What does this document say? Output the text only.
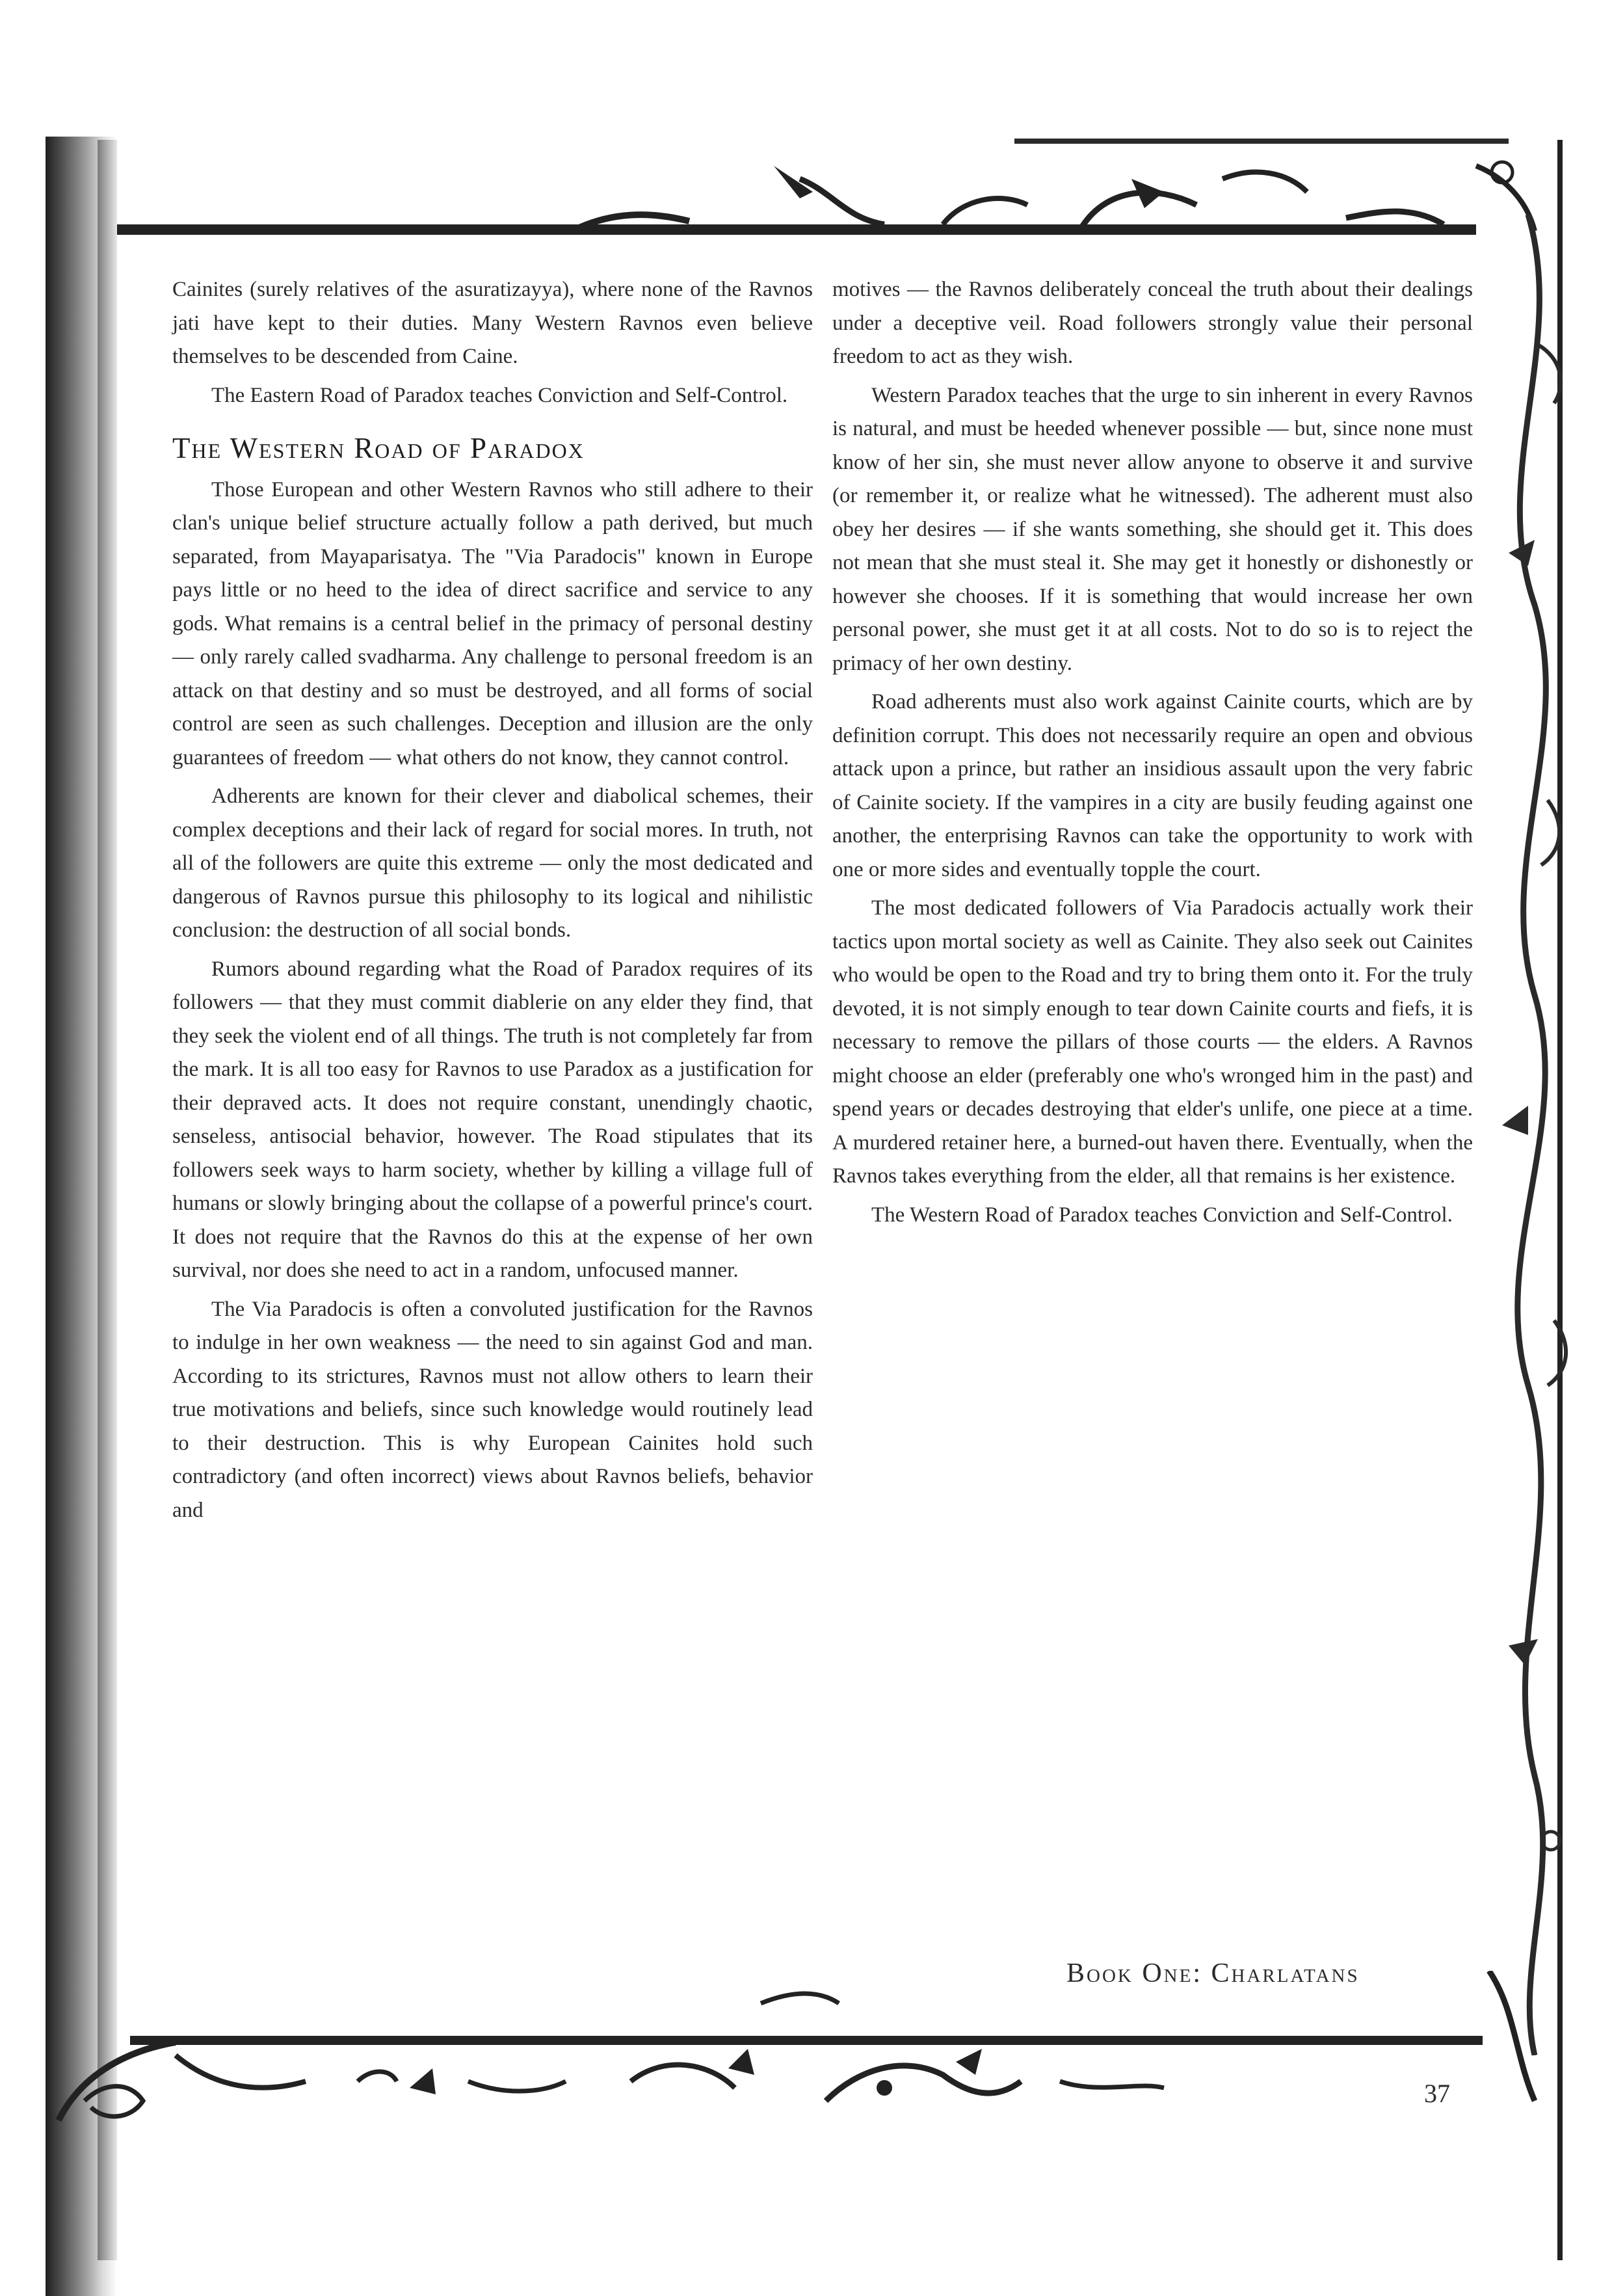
Cainites (surely relatives of the asuratizayya), where none of the Ravnos jati have kept to their duties. Many Western Ravnos even believe themselves to be descended from Caine.

The Eastern Road of Paradox teaches Conviction and Self-Control.

The Western Road of Paradox

Those European and other Western Ravnos who still adhere to their clan's unique belief structure actually follow a path derived, but much separated, from Mayaparisatya. The "Via Paradocis" known in Europe pays little or no heed to the idea of direct sacrifice and service to any gods. What remains is a central belief in the primacy of personal destiny — only rarely called svadharma. Any challenge to personal freedom is an attack on that destiny and so must be destroyed, and all forms of social control are seen as such challenges. Deception and illusion are the only guarantees of freedom — what others do not know, they cannot control.

Adherents are known for their clever and diabolical schemes, their complex deceptions and their lack of regard for social mores. In truth, not all of the followers are quite this extreme — only the most dedicated and dangerous of Ravnos pursue this philosophy to its logical and nihilistic conclusion: the destruction of all social bonds.

Rumors abound regarding what the Road of Paradox requires of its followers — that they must commit diablerie on any elder they find, that they seek the violent end of all things. The truth is not completely far from the mark. It is all too easy for Ravnos to use Paradox as a justification for their depraved acts. It does not require constant, unendingly chaotic, senseless, antisocial behavior, however. The Road stipulates that its followers seek ways to harm society, whether by killing a village full of humans or slowly bringing about the collapse of a powerful prince's court. It does not require that the Ravnos do this at the expense of her own survival, nor does she need to act in a random, unfocused manner.

The Via Paradocis is often a convoluted justification for the Ravnos to indulge in her own weakness — the need to sin against God and man. According to its strictures, Ravnos must not allow others to learn their true motivations and beliefs, since such knowledge would routinely lead to their destruction. This is why European Cainites hold such contradictory (and often incorrect) views about Ravnos beliefs, behavior and

motives — the Ravnos deliberately conceal the truth about their dealings under a deceptive veil. Road followers strongly value their personal freedom to act as they wish.

Western Paradox teaches that the urge to sin inherent in every Ravnos is natural, and must be heeded whenever possible — but, since none must know of her sin, she must never allow anyone to observe it and survive (or remember it, or realize what he witnessed). The adherent must also obey her desires — if she wants something, she should get it. This does not mean that she must steal it. She may get it honestly or dishonestly or however she chooses. If it is something that would increase her own personal power, she must get it at all costs. Not to do so is to reject the primacy of her own destiny.

Road adherents must also work against Cainite courts, which are by definition corrupt. This does not necessarily require an open and obvious attack upon a prince, but rather an insidious assault upon the very fabric of Cainite society. If the vampires in a city are busily feuding against one another, the enterprising Ravnos can take the opportunity to work with one or more sides and eventually topple the court.

The most dedicated followers of Via Paradocis actually work their tactics upon mortal society as well as Cainite. They also seek out Cainites who would be open to the Road and try to bring them onto it. For the truly devoted, it is not simply enough to tear down Cainite courts and fiefs, it is necessary to remove the pillars of those courts — the elders. A Ravnos might choose an elder (preferably one who's wronged him in the past) and spend years or decades destroying that elder's unlife, one piece at a time. A murdered retainer here, a burned-out haven there. Eventually, when the Ravnos takes everything from the elder, all that remains is her existence.

The Western Road of Paradox teaches Conviction and Self-Control.

Book One: Charlatans
37
